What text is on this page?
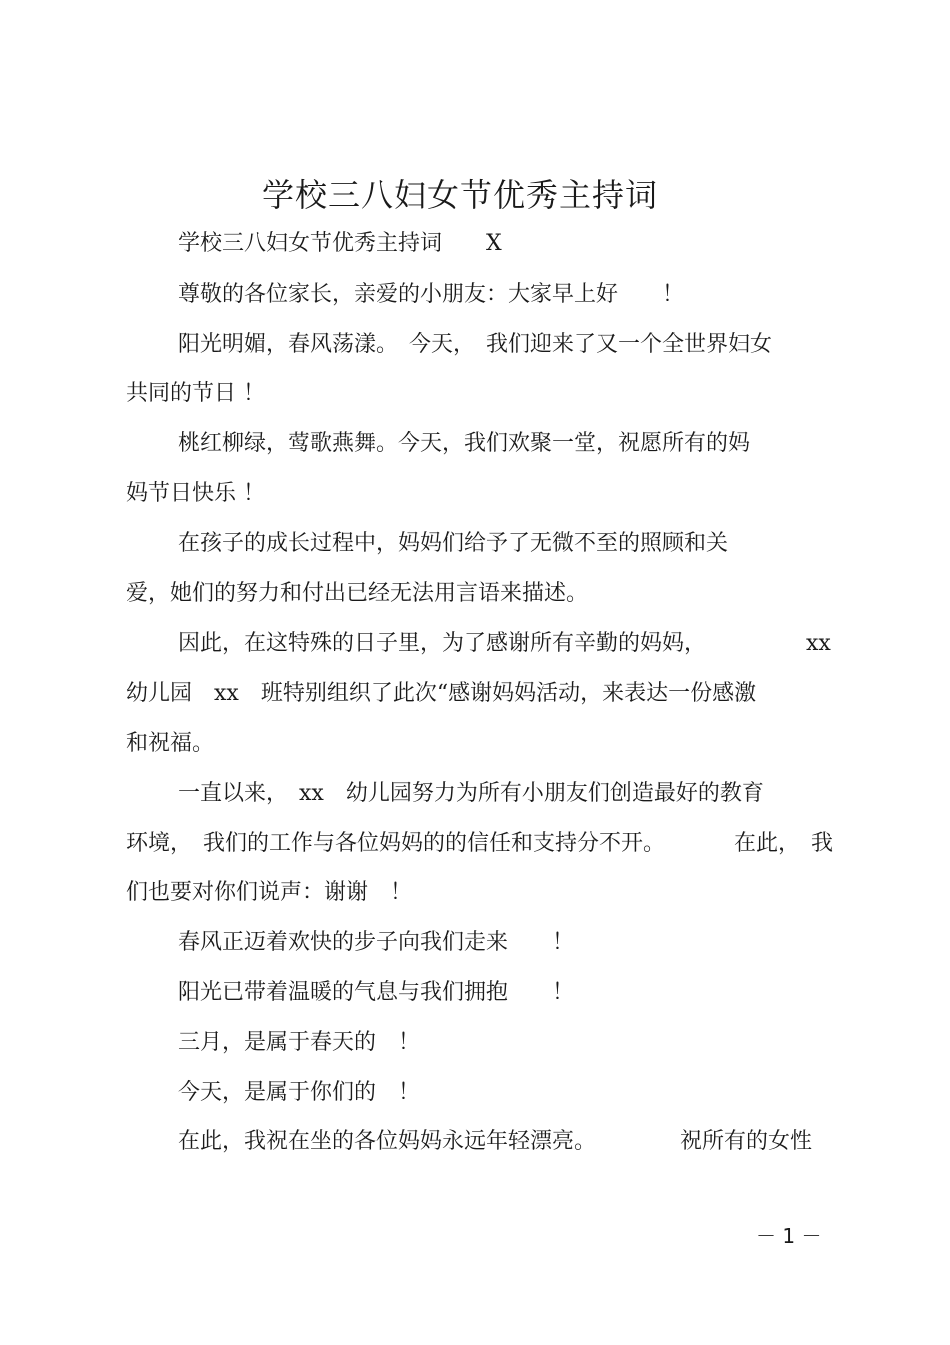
学校三八妇女节优秀主持词
学校三八妇女节优秀主持词　　X
尊敬的各位家长，亲爱的小朋友：大家早上好　　！
阳光明媚，春风荡漾。　今天，　我们迎来了又一个全世界妇女
共同的节日 ！
桃红柳绿，莺歌燕舞。今天，我们欢聚一堂，祝愿所有的妈
妈节日快乐 ！
在孩子的成长过程中，妈妈们给予了无微不至的照顾和关
爱，她们的努力和付出已经无法用言语来描述。
因此，在这特殊的日子里，为了感谢所有辛勤的妈妈，	xx
幼儿园　xx　班特别组织了此次“感谢妈妈活动，来表达一份感激
和祝福。
一直以来，　xx　幼儿园努力为所有小朋友们创造最好的教育
环境，　我们的工作与各位妈妈的的信任和支持分不开。	在此，　我
们也要对你们说声：谢谢　！
春风正迈着欢快的步子向我们走来　　！
阳光已带着温暖的气息与我们拥抱　　！
三月，是属于春天的　！
今天，是属于你们的　！
在此，我祝在坐的各位妈妈永远年轻漂亮。	祝所有的女性
－ 1 －
